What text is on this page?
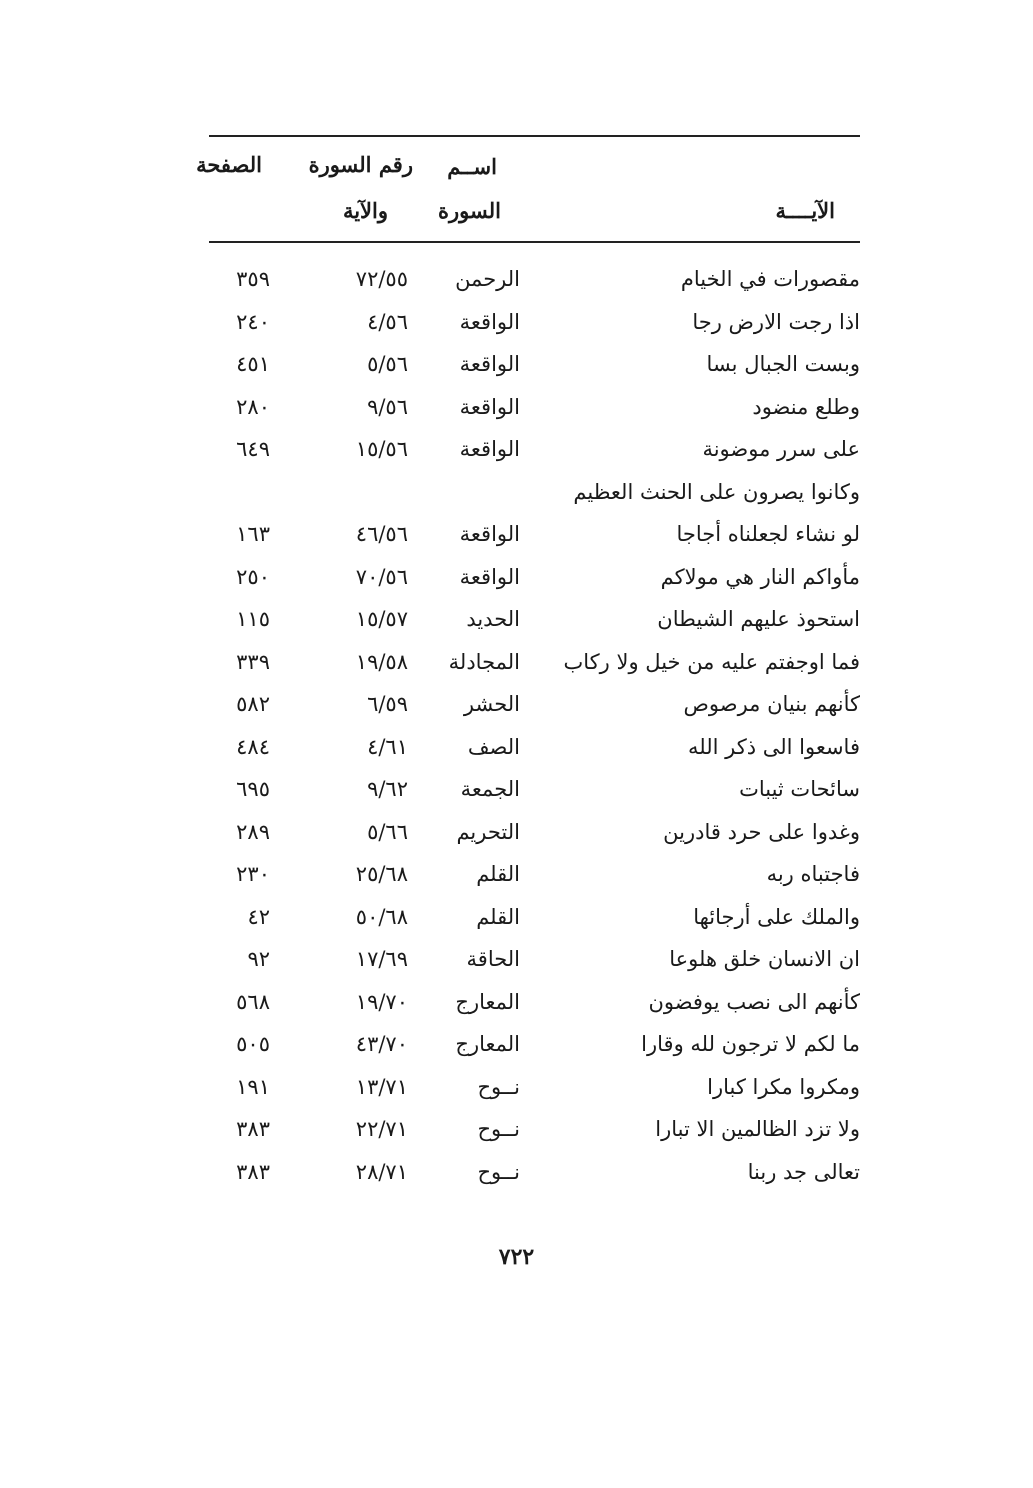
الصفحة رقم السورة
والآية
اســم
السورة	الآيــــة
مقصورات في الخيام
الرحمن
٧٢/٥٥
٣٥٩
اذا رجت الارض رجا
الواقعة
٤/٥٦
٢٤٠
وبست الجبال بسا
الواقعة
٥/٥٦
٤٥١
وطلع منضود
الواقعة
٩/٥٦
٢٨٠
على سرر موضونة
الواقعة
١٥/٥٦
٦٤٩
وكانوا يصرون على الحنث العظيم
لو نشاء لجعلناه أجاجا
الواقعة
٤٦/٥٦
١٦٣
مأواكم النار هي مولاكم
الواقعة
٧٠/٥٦
٢٥٠
استحوذ عليهم الشيطان
الحديد
١٥/٥٧
١١٥
فما اوجفتم عليه من خيل ولا ركاب
المجادلة
١٩/٥٨
٣٣٩
كأنهم بنيان مرصوص
الحشر
٦/٥٩
٥٨٢
فاسعوا الى ذكر الله
الصف
٤/٦١
٤٨٤
سائحات ثيبات
الجمعة
٩/٦٢
٦٩٥
وغدوا على حرد قادرين
التحريم
٥/٦٦
٢٨٩
فاجتباه ربه
القلم
٢٥/٦٨
٢٣٠
والملك على أرجائها
القلم
٥٠/٦٨
٤٢
ان الانسان خلق هلوعا
الحاقة
١٧/٦٩
٩٢
كأنهم الى نصب يوفضون
المعارج
١٩/٧٠
٥٦٨
ما لكم لا ترجون لله وقارا
المعارج
٤٣/٧٠
٥٠٥
ومكروا مكرا كبارا
نــوح
١٣/٧١
١٩١
ولا تزد الظالمين الا تبارا
نــوح
٢٢/٧١
٣٨٣
تعالى جد ربنا
نــوح
٢٨/٧١
٣٨٣
٧٢٢
